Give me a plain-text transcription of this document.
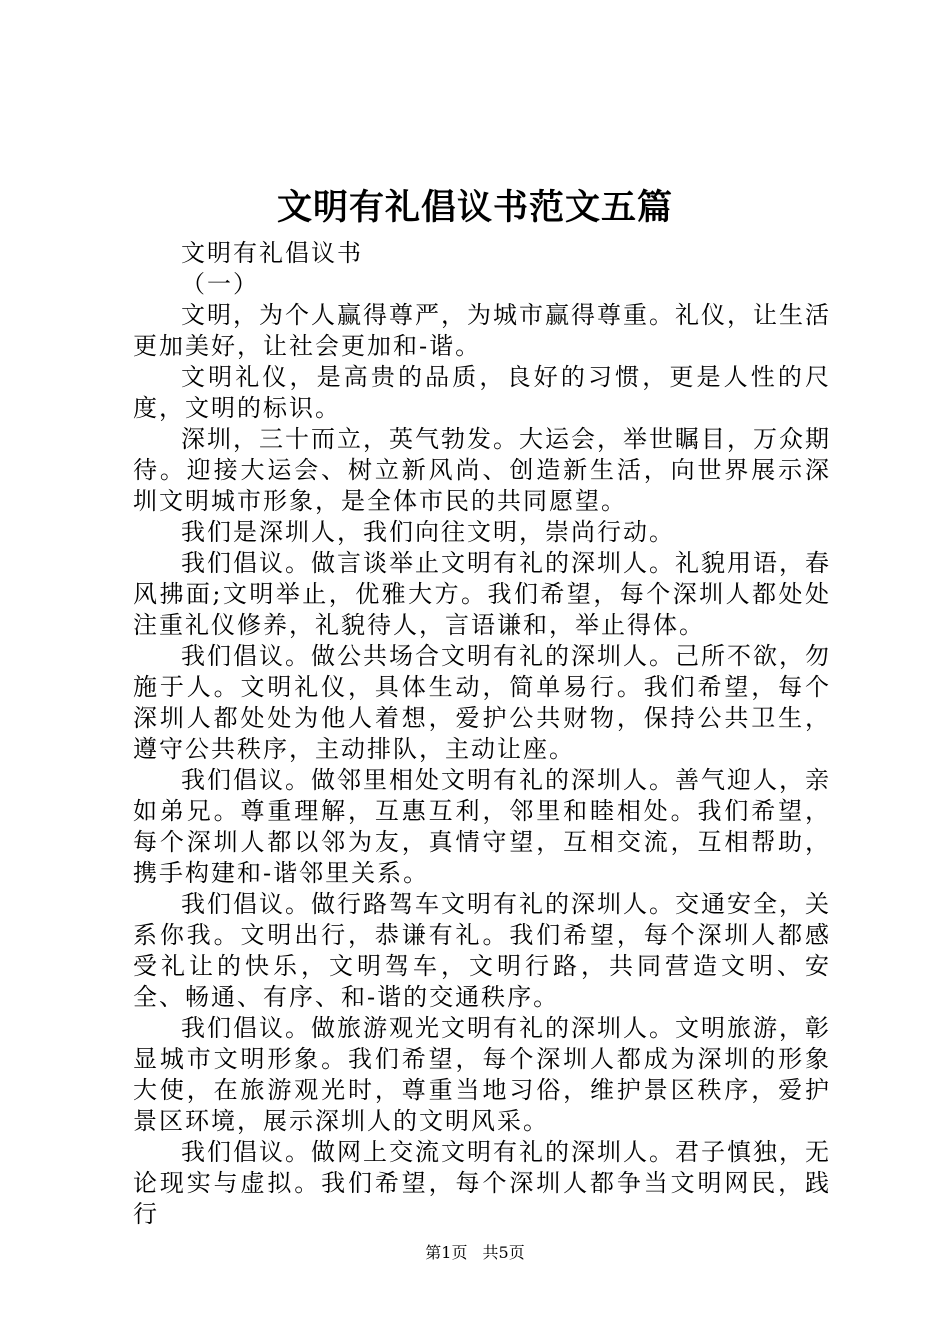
文明有礼倡议书范文五篇

文明有礼倡议书

（一）

文明，为个人赢得尊严，为城市赢得尊重。礼仪，让生活更加美好，让社会更加和-谐。

文明礼仪，是高贵的品质，良好的习惯，更是人性的尺度，文明的标识。

深圳，三十而立，英气勃发。大运会，举世瞩目，万众期待。迎接大运会、树立新风尚、创造新生活，向世界展示深圳文明城市形象，是全体市民的共同愿望。

我们是深圳人，我们向往文明，崇尚行动。

我们倡议。做言谈举止文明有礼的深圳人。礼貌用语，春风拂面;文明举止，优雅大方。我们希望，每个深圳人都处处注重礼仪修养，礼貌待人，言语谦和，举止得体。

我们倡议。做公共场合文明有礼的深圳人。己所不欲，勿施于人。文明礼仪，具体生动，简单易行。我们希望，每个深圳人都处处为他人着想，爱护公共财物，保持公共卫生，遵守公共秩序，主动排队，主动让座。

我们倡议。做邻里相处文明有礼的深圳人。善气迎人，亲如弟兄。尊重理解，互惠互利，邻里和睦相处。我们希望，每个深圳人都以邻为友，真情守望，互相交流，互相帮助，携手构建和-谐邻里关系。

我们倡议。做行路驾车文明有礼的深圳人。交通安全，关系你我。文明出行，恭谦有礼。我们希望，每个深圳人都感受礼让的快乐，文明驾车，文明行路，共同营造文明、安全、畅通、有序、和-谐的交通秩序。

我们倡议。做旅游观光文明有礼的深圳人。文明旅游，彰显城市文明形象。我们希望，每个深圳人都成为深圳的形象大使，在旅游观光时，尊重当地习俗，维护景区秩序，爱护景区环境，展示深圳人的文明风采。

我们倡议。做网上交流文明有礼的深圳人。君子慎独，无论现实与虚拟。我们希望，每个深圳人都争当文明网民，践行

第1页 共5页
